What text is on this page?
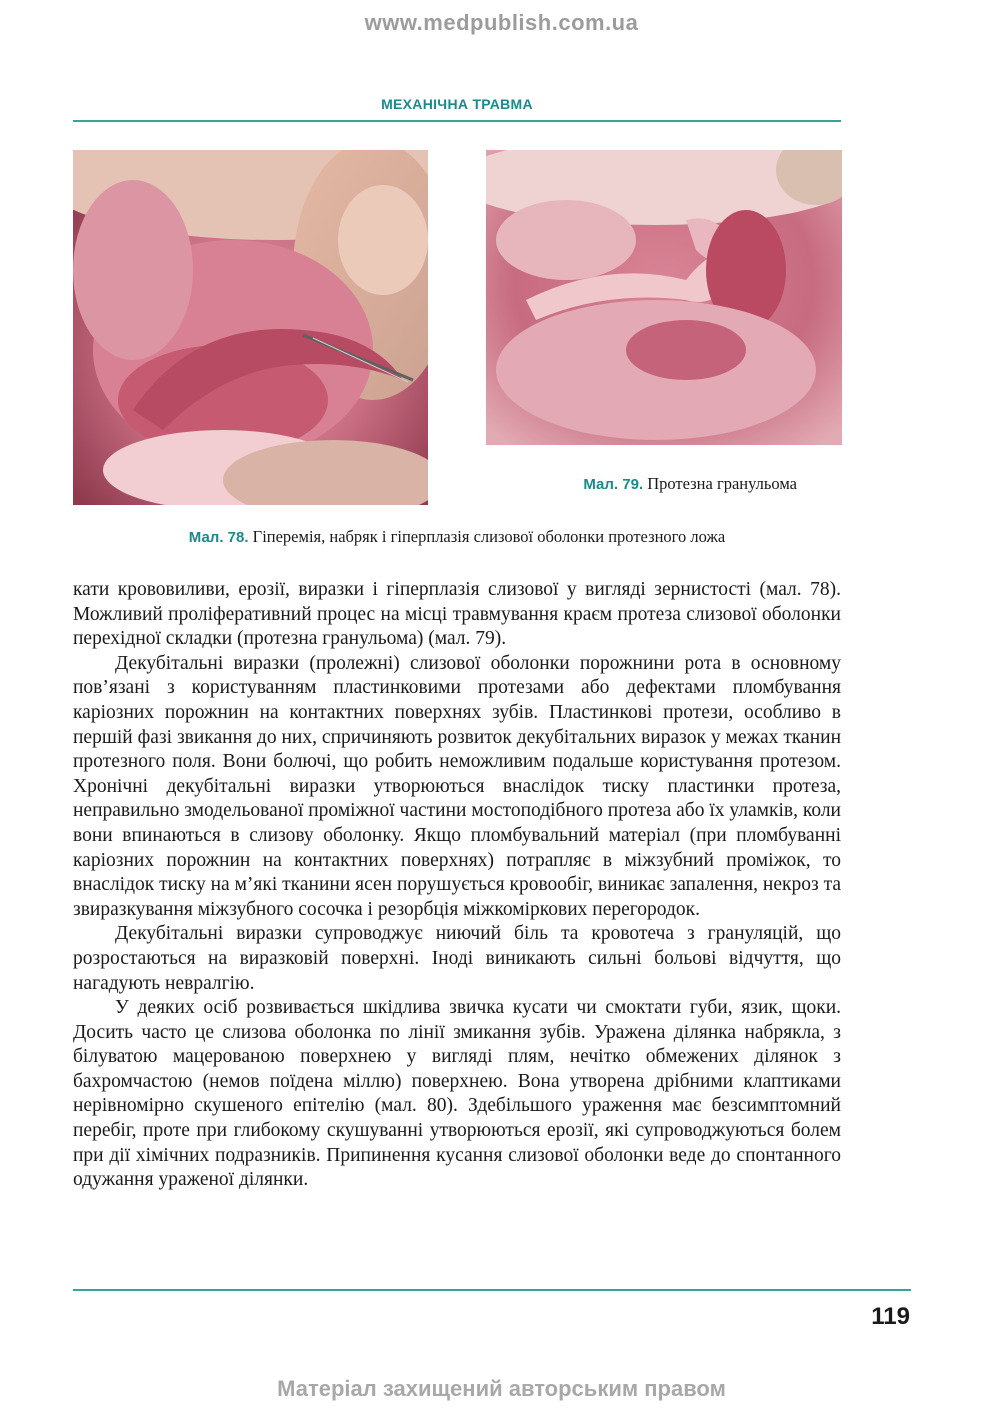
www.medpublish.com.ua
МЕХАНІЧНА ТРАВМА
Мал. 79. Протезна гранульома
Мал. 78. Гіперемія, набряк і гіперплазія слизової оболонки протезного ложа

кати крововиливи, ерозії, виразки і гіперплазія слизової у вигляді зернистості (мал. 78). Можливий проліферативний процес на місці травмування краєм протеза слизової оболонки перехідної складки (протезна гранульома) (мал. 79).

Декубітальні виразки (пролежні) слизової оболонки порожнини рота в основному пов’язані з користуванням пластинковими протезами або дефектами пломбування каріозних порожнин на контактних поверхнях зубів. Пластинкові протези, особливо в першій фазі звикання до них, спричиняють розвиток декубітальних виразок у межах тканин протезного поля. Вони болючі, що робить неможливим подальше користування протезом. Хронічні декубітальні виразки утворюються внаслідок тиску пластинки протеза, неправильно змодельованої проміжної частини мостоподібного протеза або їх уламків, коли вони впинаються в слизову оболонку. Якщо пломбувальний матеріал (при пломбуванні каріозних порожнин на контактних поверхнях) потрапляє в міжзубний проміжок, то внаслідок тиску на м’які тканини ясен порушується кровообіг, виникає запалення, некроз та звиразкування міжзубного сосочка і резорбція міжкоміркових перегородок.

Декубітальні виразки супроводжує ниючий біль та кровотеча з грануляцій, що розростаються на виразковій поверхні. Іноді виникають сильні больові відчуття, що нагадують невралгію.

У деяких осіб розвивається шкідлива звичка кусати чи смоктати губи, язик, щоки. Досить часто це слизова оболонка по лінії змикання зубів. Уражена ділянка набрякла, з білуватою мацерованою поверхнею у вигляді плям, нечітко обмежених ділянок з бахромчастою (немов поїдена міллю) поверхнею. Вона утворена дрібними клаптиками нерівномірно скушеного епітелію (мал. 80). Здебільшого ураження має безсимптомний перебіг, проте при глибокому скушуванні утворюються ерозії, які супроводжуються болем при дії хімічних подразників. Припинення кусання слизової оболонки веде до спонтанного одужання ураженої ділянки.

119
Матеріал захищений авторським правом
